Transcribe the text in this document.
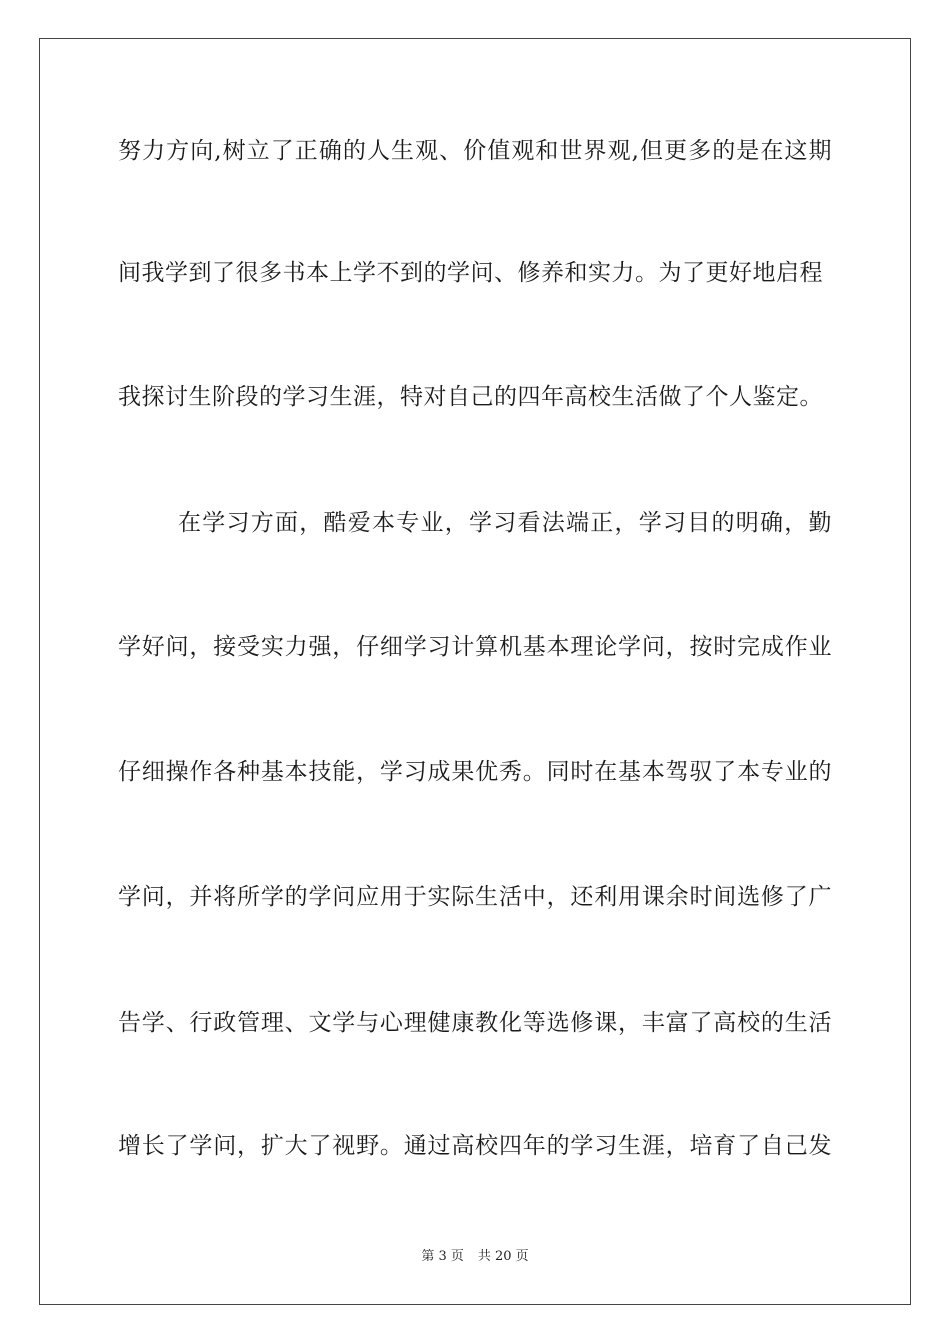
努力方向,树立了正确的人生观、价值观和世界观,但更多的是在这期
间我学到了很多书本上学不到的学问、修养和实力。为了更好地启程
我探讨生阶段的学习生涯，特对自己的四年高校生活做了个人鉴定。
在学习方面，酷爱本专业，学习看法端正，学习目的明确，勤
学好问，接受实力强，仔细学习计算机基本理论学问，按时完成作业
仔细操作各种基本技能，学习成果优秀。同时在基本驾驭了本专业的
学问，并将所学的学问应用于实际生活中，还利用课余时间选修了广
告学、行政管理、文学与心理健康教化等选修课，丰富了高校的生活
增长了学问，扩大了视野。通过高校四年的学习生涯，培育了自己发
第 3 页 共 20 页
